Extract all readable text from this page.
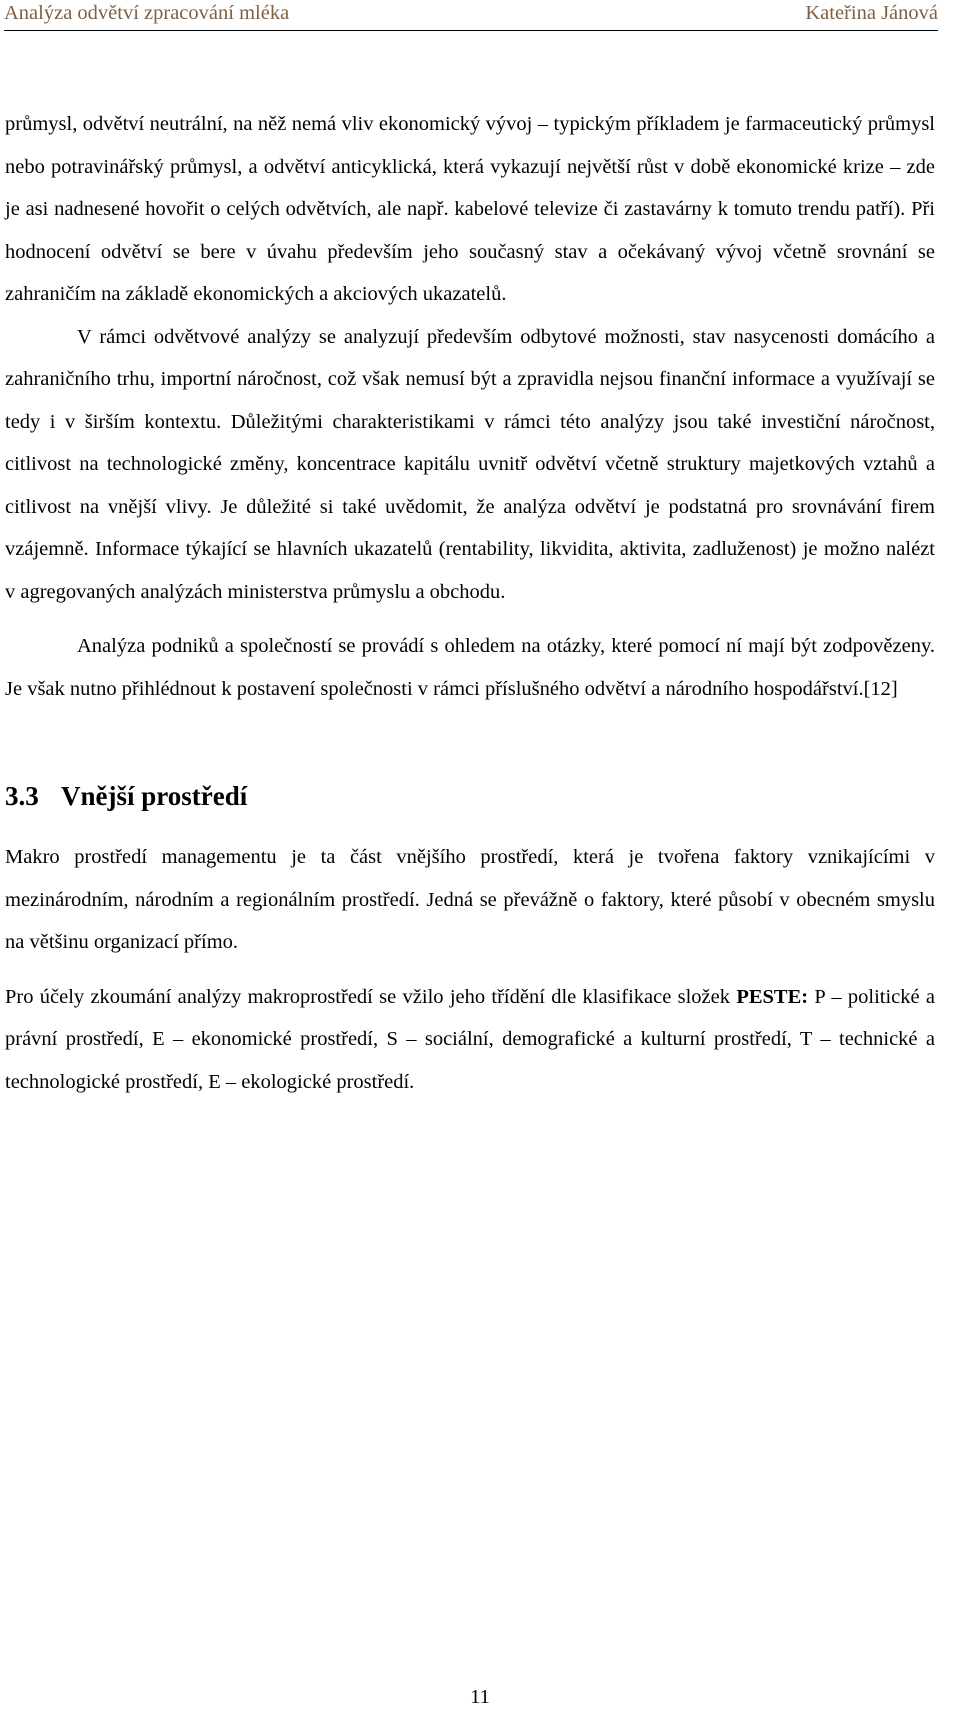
Analýza odvětví zpracování mléka	Kateřina Jánová

průmysl, odvětví neutrální, na něž nemá vliv ekonomický vývoj – typickým příkladem je farmaceutický průmysl nebo potravinářský průmysl, a odvětví anticyklická, která vykazují největší růst v době ekonomické krize – zde je asi nadnesené hovořit o celých odvětvích, ale např. kabelové televize či zastavárny k tomuto trendu patří). Při hodnocení odvětví se bere v úvahu především jeho současný stav a očekávaný vývoj včetně srovnání se zahraničím na základě ekonomických a akciových ukazatelů.

V rámci odvětvové analýzy se analyzují především odbytové možnosti, stav nasycenosti domácího a zahraničního trhu, importní náročnost, což však nemusí být a zpravidla nejsou finanční informace a využívají se tedy i v širším kontextu. Důležitými charakteristikami v rámci této analýzy jsou také investiční náročnost, citlivost na technologické změny, koncentrace kapitálu uvnitř odvětví včetně struktury majetkových vztahů a citlivost na vnější vlivy. Je důležité si také uvědomit, že analýza odvětví je podstatná pro srovnávání firem vzájemně. Informace týkající se hlavních ukazatelů (rentability, likvidita, aktivita, zadluženost) je možno nalézt v agregovaných analýzách ministerstva průmyslu a obchodu.

Analýza podniků a společností se provádí s ohledem na otázky, které pomocí ní mají být zodpovězeny. Je však nutno přihlédnout k postavení společnosti v rámci příslušného odvětví a národního hospodářství.[12]

3.3 Vnější prostředí

Makro prostředí managementu je ta část vnějšího prostředí, která je tvořena faktory vznikajícími v mezinárodním, národním a regionálním prostředí. Jedná se převážně o faktory, které působí v obecném smyslu na většinu organizací přímo.

Pro účely zkoumání analýzy makroprostředí se vžilo jeho třídění dle klasifikace složek PESTE: P – politické a právní prostředí, E – ekonomické prostředí, S – sociální, demografické a kulturní prostředí, T – technické a technologické prostředí, E – ekologické prostředí.

11
